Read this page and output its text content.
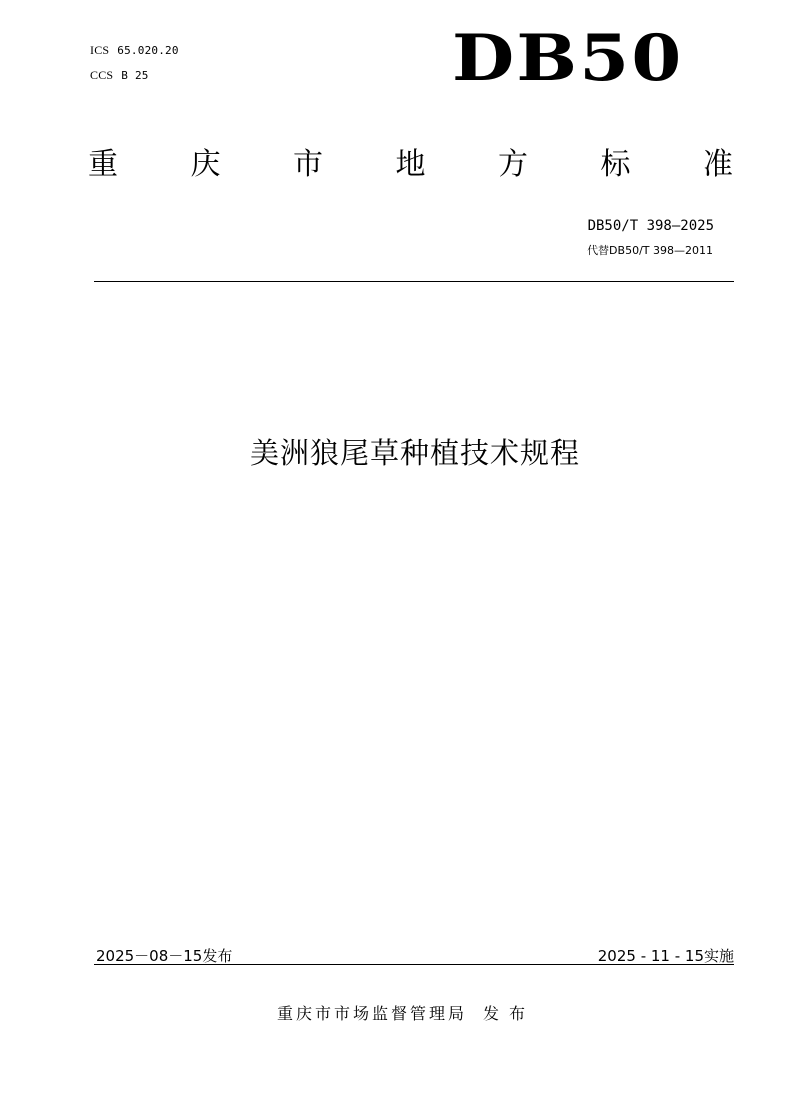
ICS 65.020.20
CCS B 25	DB50
重 庆 市 地 方 标 准
DB50/T 398—2025
代替DB50/T 398—2011
美洲狼尾草种植技术规程
2025－08－15发布	2025 - 11 - 15实施
重庆市市场监督管理局 发布
